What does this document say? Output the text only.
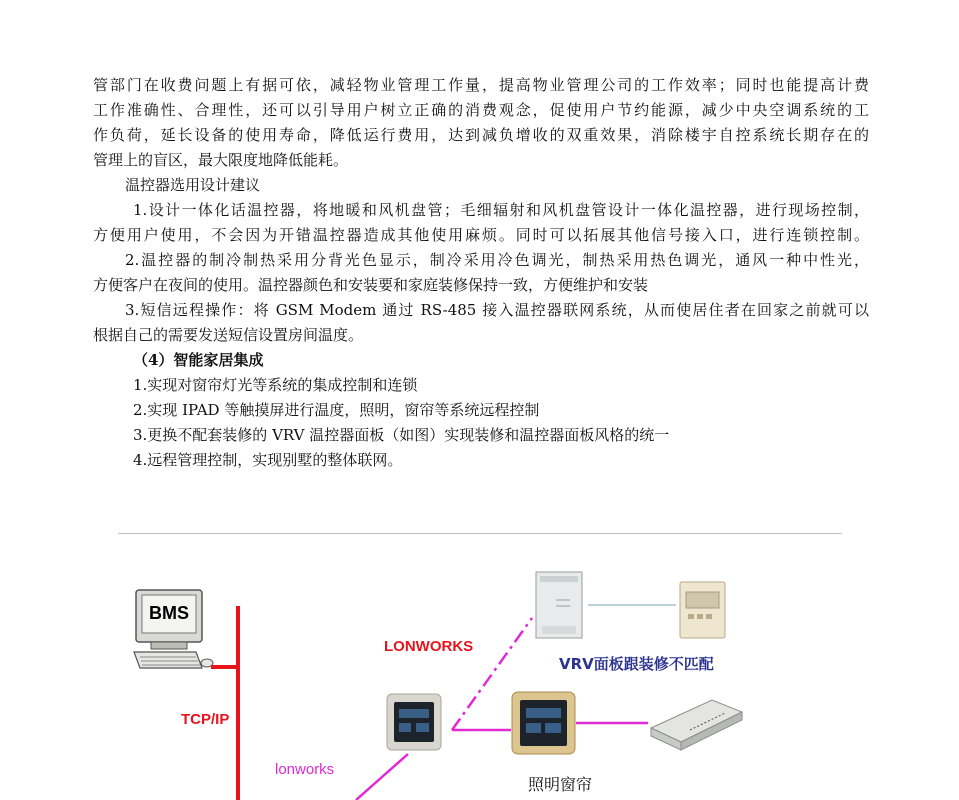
管部门在收费问题上有据可依，减轻物业管理工作量，提高物业管理公司的工作效率；同时也能提高计费
工作准确性、合理性，还可以引导用户树立正确的消费观念，促使用户节约能源，减少中央空调系统的工
作负荷，延长设备的使用寿命，降低运行费用，达到减负增收的双重效果，消除楼宇自控系统长期存在的
管理上的盲区，最大限度地降低能耗。
温控器选用设计建议
1.设计一体化话温控器，将地暖和风机盘管；毛细辐射和风机盘管设计一体化温控器，进行现场控制，
方便用户使用，不会因为开错温控器造成其他使用麻烦。同时可以拓展其他信号接入口，进行连锁控制。
2.温控器的制冷制热采用分背光色显示，制冷采用冷色调光，制热采用热色调光，通风一种中性光，
方便客户在夜间的使用。温控器颜色和安装要和家庭装修保持一致，方便维护和安装
3.短信远程操作：将 GSM Modem 通过 RS-485 接入温控器联网系统，从而使居住者在回家之前就可以
根据自己的需要发送短信设置房间温度。
（4）智能家居集成
1.实现对窗帘灯光等系统的集成控制和连锁
2.实现 IPAD 等触摸屏进行温度，照明，窗帘等系统远程控制
3.更换不配套装修的 VRV 温控器面板（如图）实现装修和温控器面板风格的统一
4.远程管理控制，实现别墅的整体联网。
BMS
TCP/IP
LONWORKS
VRV面板跟装修不匹配
照明窗帘
lonworks
